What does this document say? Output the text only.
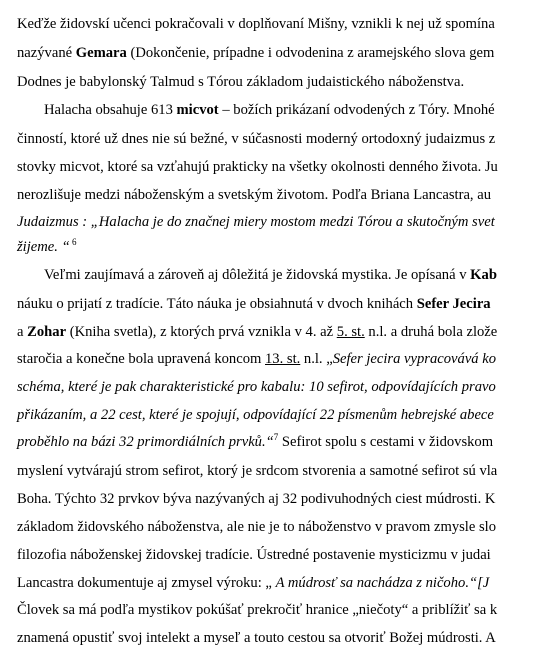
Keďže židovskí učenci pokračovali v doplňovaní Mišny, vznikli k nej už spomína
nazývané Gemara (Dokončenie, prípadne i odvodenina z aramejského slova gem
Dodnes je babylonský Talmud s Tórou základom judaistického náboženstva.
Halacha obsahuje 613 micvot – božích prikázaní odvodených z Tóry. Mnohé
činností, ktoré už dnes nie sú bežné, v súčasnosti moderný ortodoxný judaizmus z
stovky micvot, ktoré sa vzťahujú prakticky na všetky okolnosti denného života. Ju
nerozlišuje medzi náboženským a svetským životom. Podľa Briana Lancastra, au
Judaizmus : „Halacha je do značnej miery mostom medzi Tórou a skutočným svet
žijeme. “ $^6$
Veľmi zaujímavá a zároveň aj dôležitá je židovská mystika. Je opísaná v Kab
náuku o prijatí z tradície. Táto náuka je obsiahnutá v dvoch knihách Sefer Jecira
a Zohar (Kniha svetla), z ktorých prvá vznikla v 4. až 5. st. n.l. a druhá bola zlože
staročia a konečne bola upravená koncom 13. st. n.l. „Sefer jecira vypracovává ko
schéma, které je pak charakteristické pro kabalu: 10 sefirot, odpovídajících pravo
přikázaním, a 22 cest, které je spojují, odpovídající 22 písmenům hebrejské abece
proběhlo na bázi 32 primordiálních prvků.“$^7$ Sefirot spolu s cestami v židovskom
myslení vytvárajú strom sefirot, ktorý je srdcom stvorenia a samotné sefirot sú vla
Boha. Týchto 32 prvkov býva nazývaných aj 32 podivuhodných ciest múdrosti. K
základom židovského náboženstva, ale nie je to náboženstvo v pravom zmysle slo
filozofia náboženskej židovskej tradície. Ústredné postavenie mysticizmu v judai
Lancastra dokumentuje aj zmysel výroku: „ A múdrosť sa nachádza z ničoho.“[J
Človek sa má podľa mystikov pokúšať prekročiť hranice „niečoty“ a priblížiť sa k
znamená opustiť svoj intelekt a myseľ a touto cestou sa otvoriť Božej múdrosti. A
